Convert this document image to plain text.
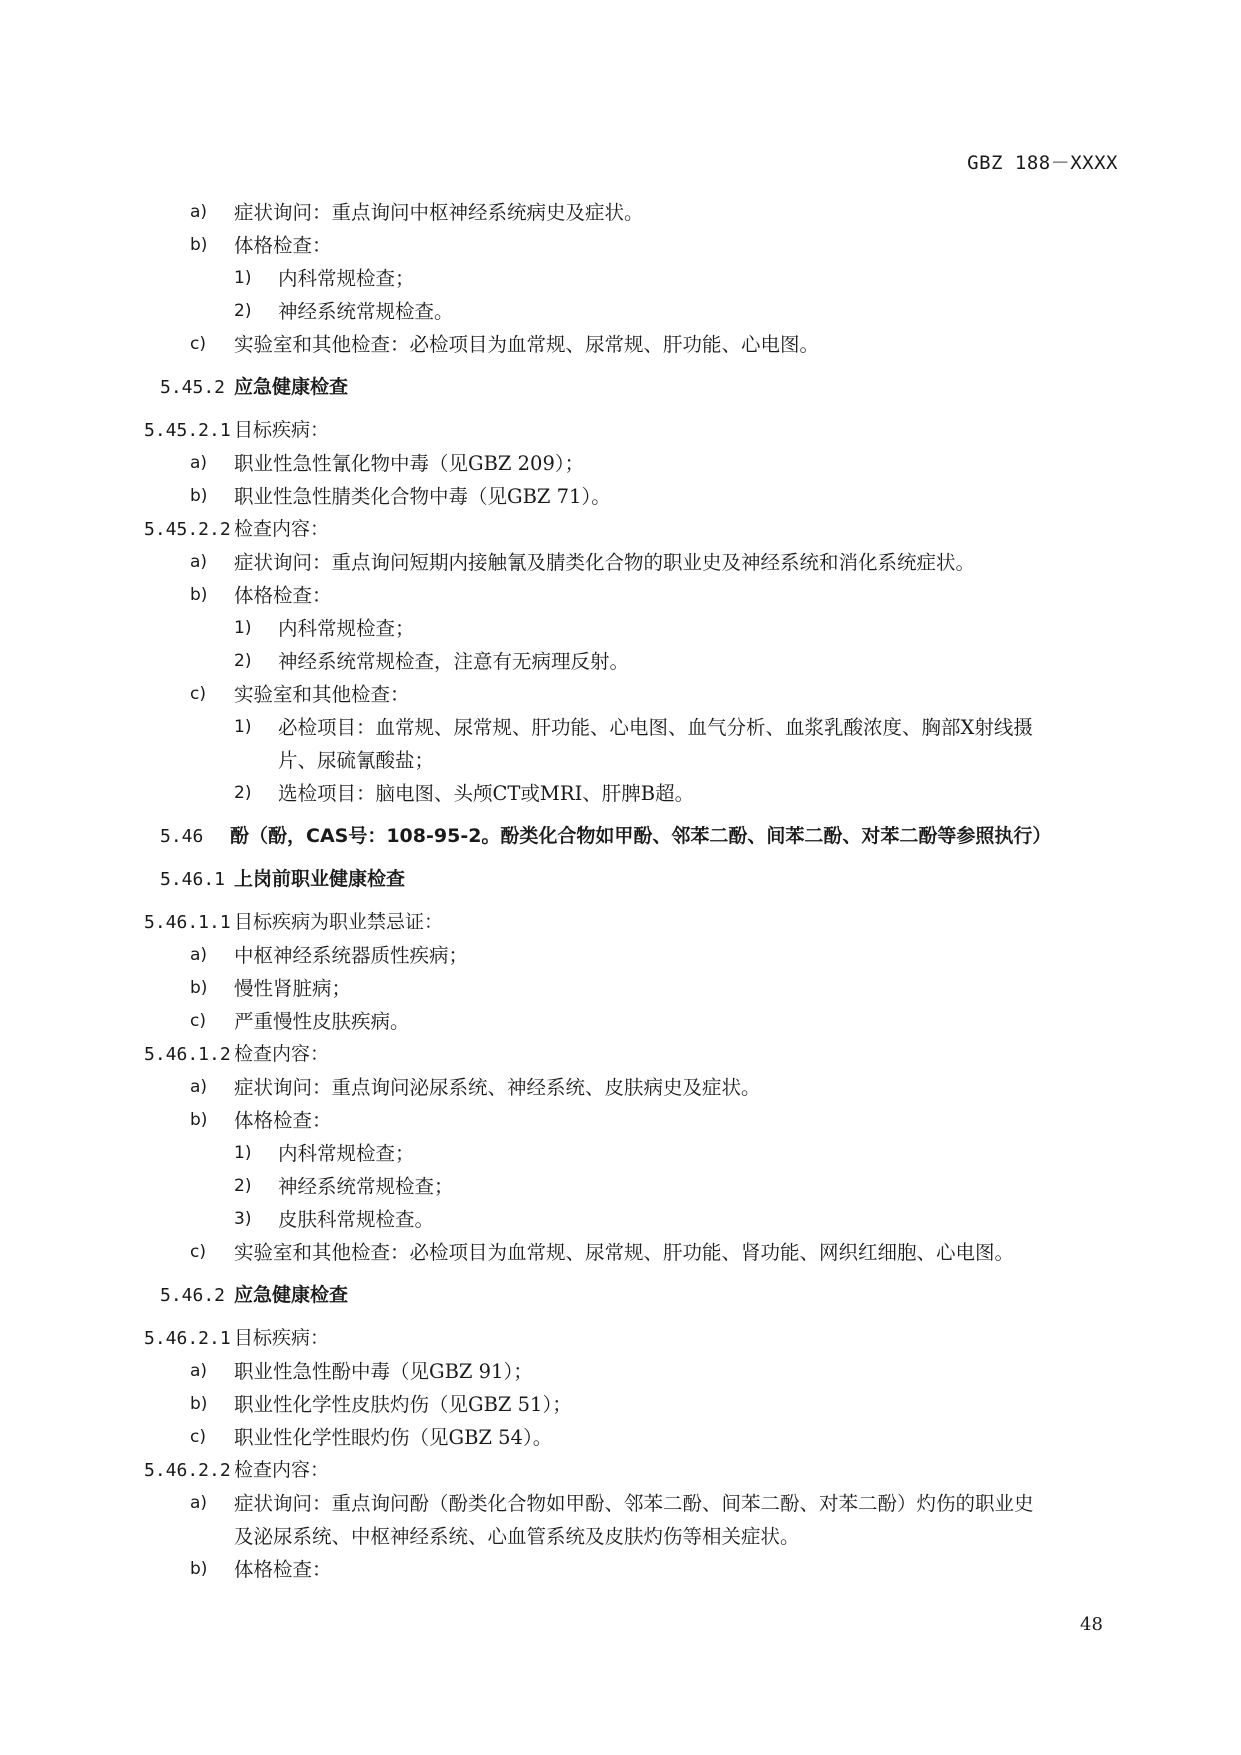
GBZ 188－XXXX
a) 症状询问：重点询问中枢神经系统病史及症状。
b) 体格检查：
1) 内科常规检查；
2) 神经系统常规检查。
c) 实验室和其他检查：必检项目为血常规、尿常规、肝功能、心电图。
5.45.2 应急健康检查
5.45.2.1 目标疾病：
a) 职业性急性氰化物中毒（见GBZ 209）；
b) 职业性急性腈类化合物中毒（见GBZ 71）。
5.45.2.2 检查内容：
a) 症状询问：重点询问短期内接触氰及腈类化合物的职业史及神经系统和消化系统症状。
b) 体格检查：
1) 内科常规检查；
2) 神经系统常规检查，注意有无病理反射。
c) 实验室和其他检查：
1) 必检项目：血常规、尿常规、肝功能、心电图、血气分析、血浆乳酸浓度、胸部X射线摄
片、尿硫氰酸盐；
2) 选检项目：脑电图、头颅CT或MRI、肝脾B超。
5.46 酚（酚，CAS号：108-95-2。酚类化合物如甲酚、邻苯二酚、间苯二酚、对苯二酚等参照执行）
5.46.1 上岗前职业健康检查
5.46.1.1 目标疾病为职业禁忌证：
a) 中枢神经系统器质性疾病；
b) 慢性肾脏病；
c) 严重慢性皮肤疾病。
5.46.1.2 检查内容：
a) 症状询问：重点询问泌尿系统、神经系统、皮肤病史及症状。
b) 体格检查：
1) 内科常规检查；
2) 神经系统常规检查；
3) 皮肤科常规检查。
c) 实验室和其他检查：必检项目为血常规、尿常规、肝功能、肾功能、网织红细胞、心电图。
5.46.2 应急健康检查
5.46.2.1 目标疾病：
a) 职业性急性酚中毒（见GBZ 91）；
b) 职业性化学性皮肤灼伤（见GBZ 51）；
c) 职业性化学性眼灼伤（见GBZ 54）。
5.46.2.2 检查内容：
a) 症状询问：重点询问酚（酚类化合物如甲酚、邻苯二酚、间苯二酚、对苯二酚）灼伤的职业史
及泌尿系统、中枢神经系统、心血管系统及皮肤灼伤等相关症状。
b) 体格检查：
48
